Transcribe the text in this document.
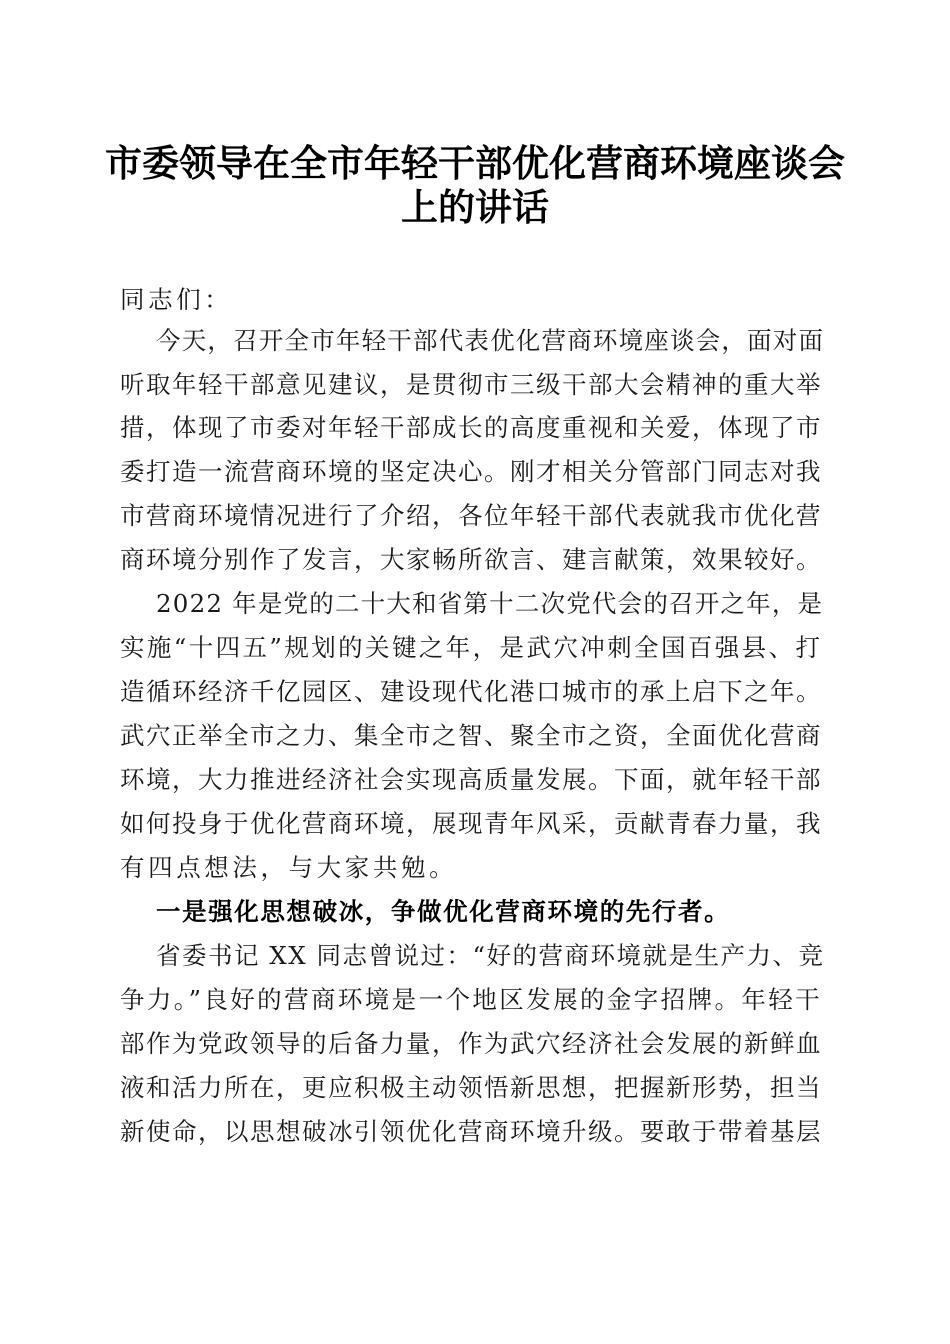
市委领导在全市年轻干部优化营商环境座谈会
上的讲话
同志们：
今天，召开全市年轻干部代表优化营商环境座谈会，面对面
听取年轻干部意见建议，是贯彻市三级干部大会精神的重大举
措，体现了市委对年轻干部成长的高度重视和关爱，体现了市
委打造一流营商环境的坚定决心。刚才相关分管部门同志对我
市营商环境情况进行了介绍，各位年轻干部代表就我市优化营
商环境分别作了发言，大家畅所欲言、建言献策，效果较好。
2022 年是党的二十大和省第十二次党代会的召开之年，是
实施“十四五”规划的关键之年，是武穴冲刺全国百强县、打
造循环经济千亿园区、建设现代化港口城市的承上启下之年。
武穴正举全市之力、集全市之智、聚全市之资，全面优化营商
环境，大力推进经济社会实现高质量发展。下面，就年轻干部
如何投身于优化营商环境，展现青年风采，贡献青春力量，我
有四点想法，与大家共勉。
一是强化思想破冰，争做优化营商环境的先行者。
省委书记 XX 同志曾说过：“好的营商环境就是生产力、竞
争力。”良好的营商环境是一个地区发展的金字招牌。年轻干
部作为党政领导的后备力量，作为武穴经济社会发展的新鲜血
液和活力所在，更应积极主动领悟新思想，把握新形势，担当
新使命，以思想破冰引领优化营商环境升级。要敢于带着基层
